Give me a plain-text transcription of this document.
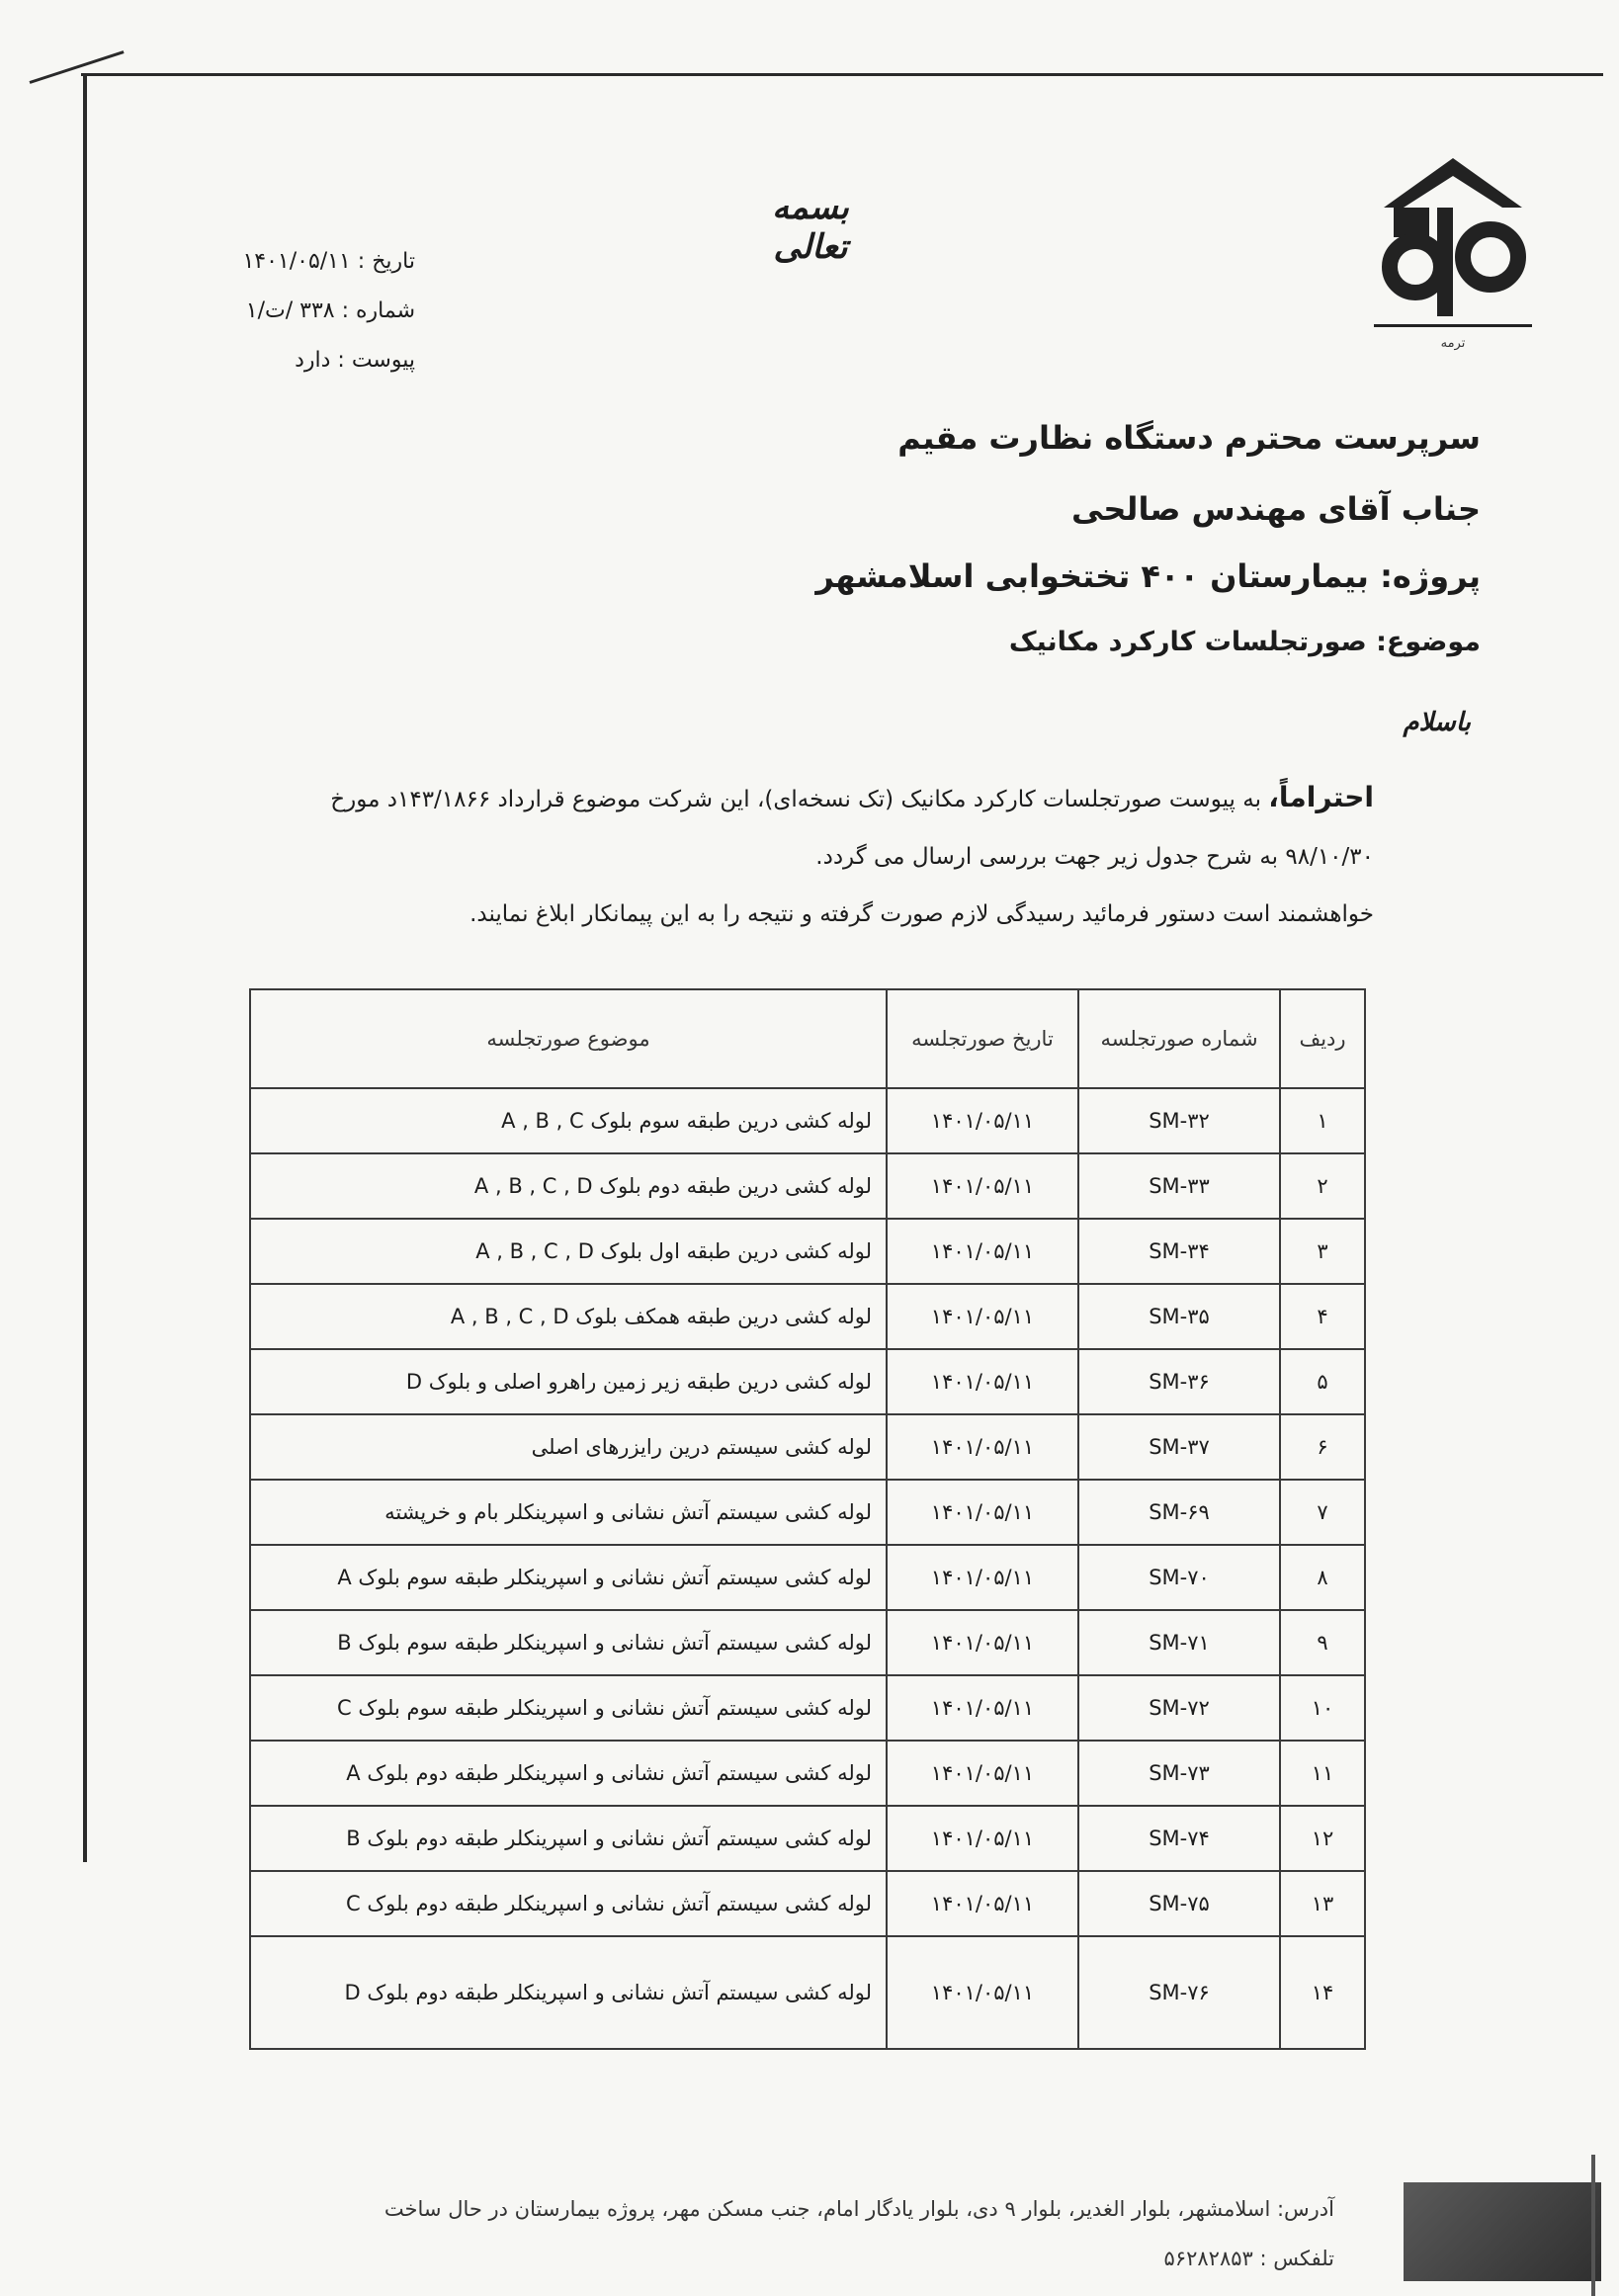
ترمه
بسمه تعالی
تاریخ : ۱۴۰۱/۰۵/۱۱
شماره : ۳۳۸ /ت/۱
پیوست : دارد
سرپرست محترم دستگاه نظارت مقیم
جناب آقای مهندس صالحی
پروژه: بیمارستان ۴۰۰ تختخوابی اسلامشهر
موضوع: صورتجلسات کارکرد مکانیک
باسلام
احتراماً، به پیوست صورتجلسات کارکرد مکانیک (تک نسخه‌ای)، این شرکت موضوع قرارداد ۱۴۳/۱۸۶۶د مورخ
۹۸/۱۰/۳۰ به شرح جدول زیر جهت بررسی ارسال می گردد.
خواهشمند است دستور فرمائید رسیدگی لازم صورت گرفته و نتیجه را به این پیمانکار ابلاغ نمایند.
ردیف	شماره صورتجلسه	تاریخ صورتجلسه	موضوع صورتجلسه
۱	SM-۳۲	۱۴۰۱/۰۵/۱۱	لوله کشی درین طبقه سوم بلوک A , B , C
۲	SM-۳۳	۱۴۰۱/۰۵/۱۱	لوله کشی درین طبقه دوم بلوک A , B , C , D
۳	SM-۳۴	۱۴۰۱/۰۵/۱۱	لوله کشی درین طبقه اول بلوک A , B , C , D
۴	SM-۳۵	۱۴۰۱/۰۵/۱۱	لوله کشی درین طبقه همکف بلوک A , B , C , D
۵	SM-۳۶	۱۴۰۱/۰۵/۱۱	لوله کشی درین طبقه زیر زمین راهرو اصلی و بلوک D
۶	SM-۳۷	۱۴۰۱/۰۵/۱۱	لوله کشی سیستم درین رایزرهای اصلی
۷	SM-۶۹	۱۴۰۱/۰۵/۱۱	لوله کشی سیستم آتش نشانی و اسپرینکلر بام و خرپشته
۸	SM-۷۰	۱۴۰۱/۰۵/۱۱	لوله کشی سیستم آتش نشانی و اسپرینکلر طبقه سوم بلوک A
۹	SM-۷۱	۱۴۰۱/۰۵/۱۱	لوله کشی سیستم آتش نشانی و اسپرینکلر طبقه سوم بلوک B
۱۰	SM-۷۲	۱۴۰۱/۰۵/۱۱	لوله کشی سیستم آتش نشانی و اسپرینکلر طبقه سوم بلوک C
۱۱	SM-۷۳	۱۴۰۱/۰۵/۱۱	لوله کشی سیستم آتش نشانی و اسپرینکلر طبقه دوم بلوک A
۱۲	SM-۷۴	۱۴۰۱/۰۵/۱۱	لوله کشی سیستم آتش نشانی و اسپرینکلر طبقه دوم بلوک B
۱۳	SM-۷۵	۱۴۰۱/۰۵/۱۱	لوله کشی سیستم آتش نشانی و اسپرینکلر طبقه دوم بلوک C
۱۴	SM-۷۶	۱۴۰۱/۰۵/۱۱	لوله کشی سیستم آتش نشانی و اسپرینکلر طبقه دوم بلوک D
آدرس: اسلامشهر، بلوار الغدیر، بلوار ۹ دی، بلوار یادگار امام، جنب مسکن مهر، پروژه بیمارستان در حال ساخت
تلفکس : ۵۶۲۸۲۸۵۳
